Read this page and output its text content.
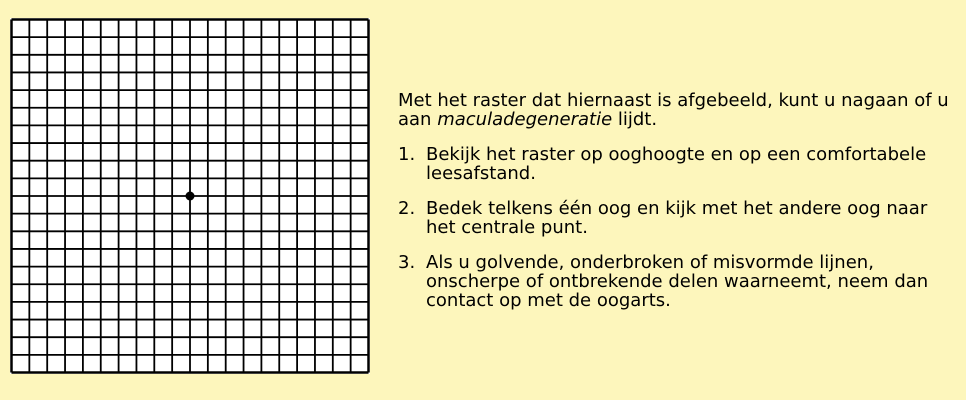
Met het raster dat hiernaast is afgebeeld, kunt u nagaan of u aan maculadegeneratie lijdt.

1. Bekijk het raster op ooghoogte en op een comfortabele leesafstand.
2. Bedek telkens één oog en kijk met het andere oog naar het centrale punt.
3. Als u golvende, onderbroken of misvormde lijnen, onscherpe of ontbrekende delen waarneemt, neem dan contact op met de oogarts.
